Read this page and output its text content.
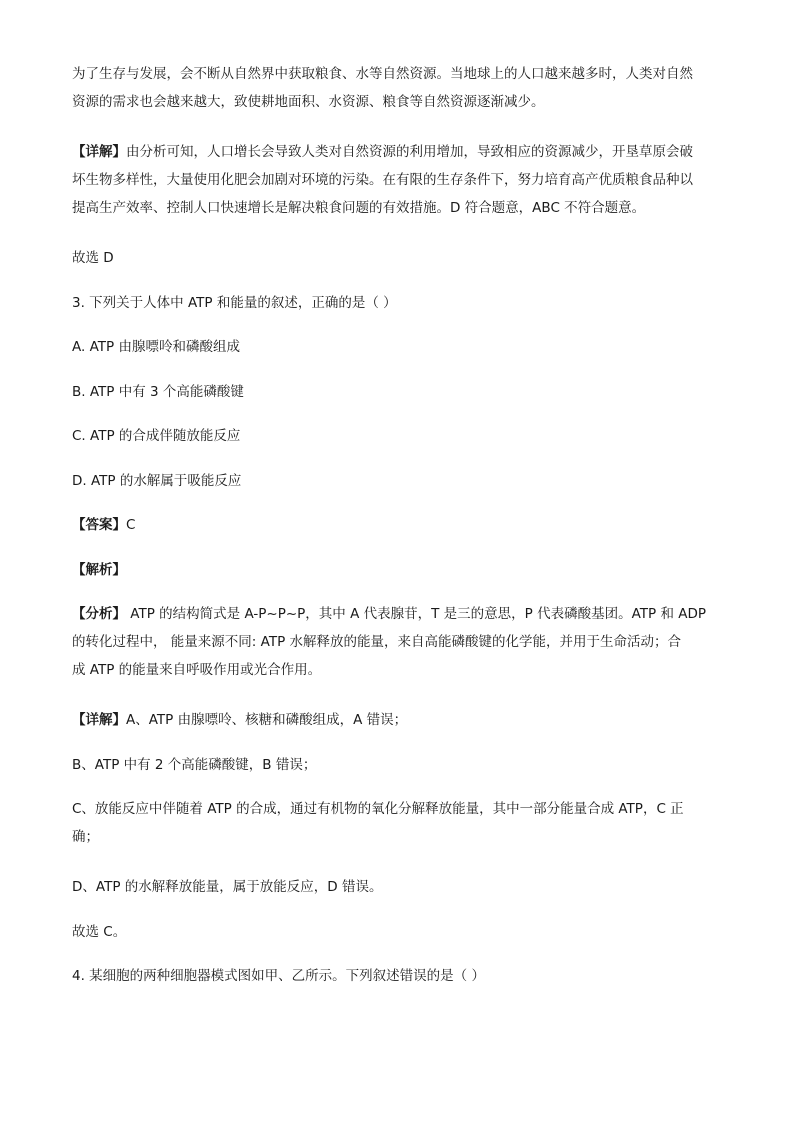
为了生存与发展，会不断从自然界中获取粮食、水等自然资源。当地球上的人口越来越多时，人类对自然
资源的需求也会越来越大，致使耕地面积、水资源、粮食等自然资源逐渐减少。
【详解】由分析可知，人口增长会导致人类对自然资源的利用增加，导致相应的资源减少，开垦草原会破
坏生物多样性，大量使用化肥会加剧对环境的污染。在有限的生存条件下，努力培育高产优质粮食品种以
提高生产效率、控制人口快速增长是解决粮食问题的有效措施。D 符合题意，ABC 不符合题意。
故选 D
3. 下列关于人体中 ATP 和能量的叙述，正确的是（ ）
A. ATP 由腺嘌呤和磷酸组成
B. ATP 中有 3 个高能磷酸键
C. ATP 的合成伴随放能反应
D. ATP 的水解属于吸能反应
【答案】C
【解析】
【分析】 ATP 的结构简式是 A-P~P~P，其中 A 代表腺苷，T 是三的意思，P 代表磷酸基团。ATP 和 ADP
的转化过程中， 能量来源不同: ATP 水解释放的能量，来自高能磷酸键的化学能，并用于生命活动；合
成 ATP 的能量来自呼吸作用或光合作用。
【详解】A、ATP 由腺嘌呤、核糖和磷酸组成，A 错误；
B、ATP 中有 2 个高能磷酸键，B 错误；
C、放能反应中伴随着 ATP 的合成，通过有机物的氧化分解释放能量，其中一部分能量合成 ATP，C 正
确；
D、ATP 的水解释放能量，属于放能反应，D 错误。
故选 C。
4. 某细胞的两种细胞器模式图如甲、乙所示。下列叙述错误的是（ ）
